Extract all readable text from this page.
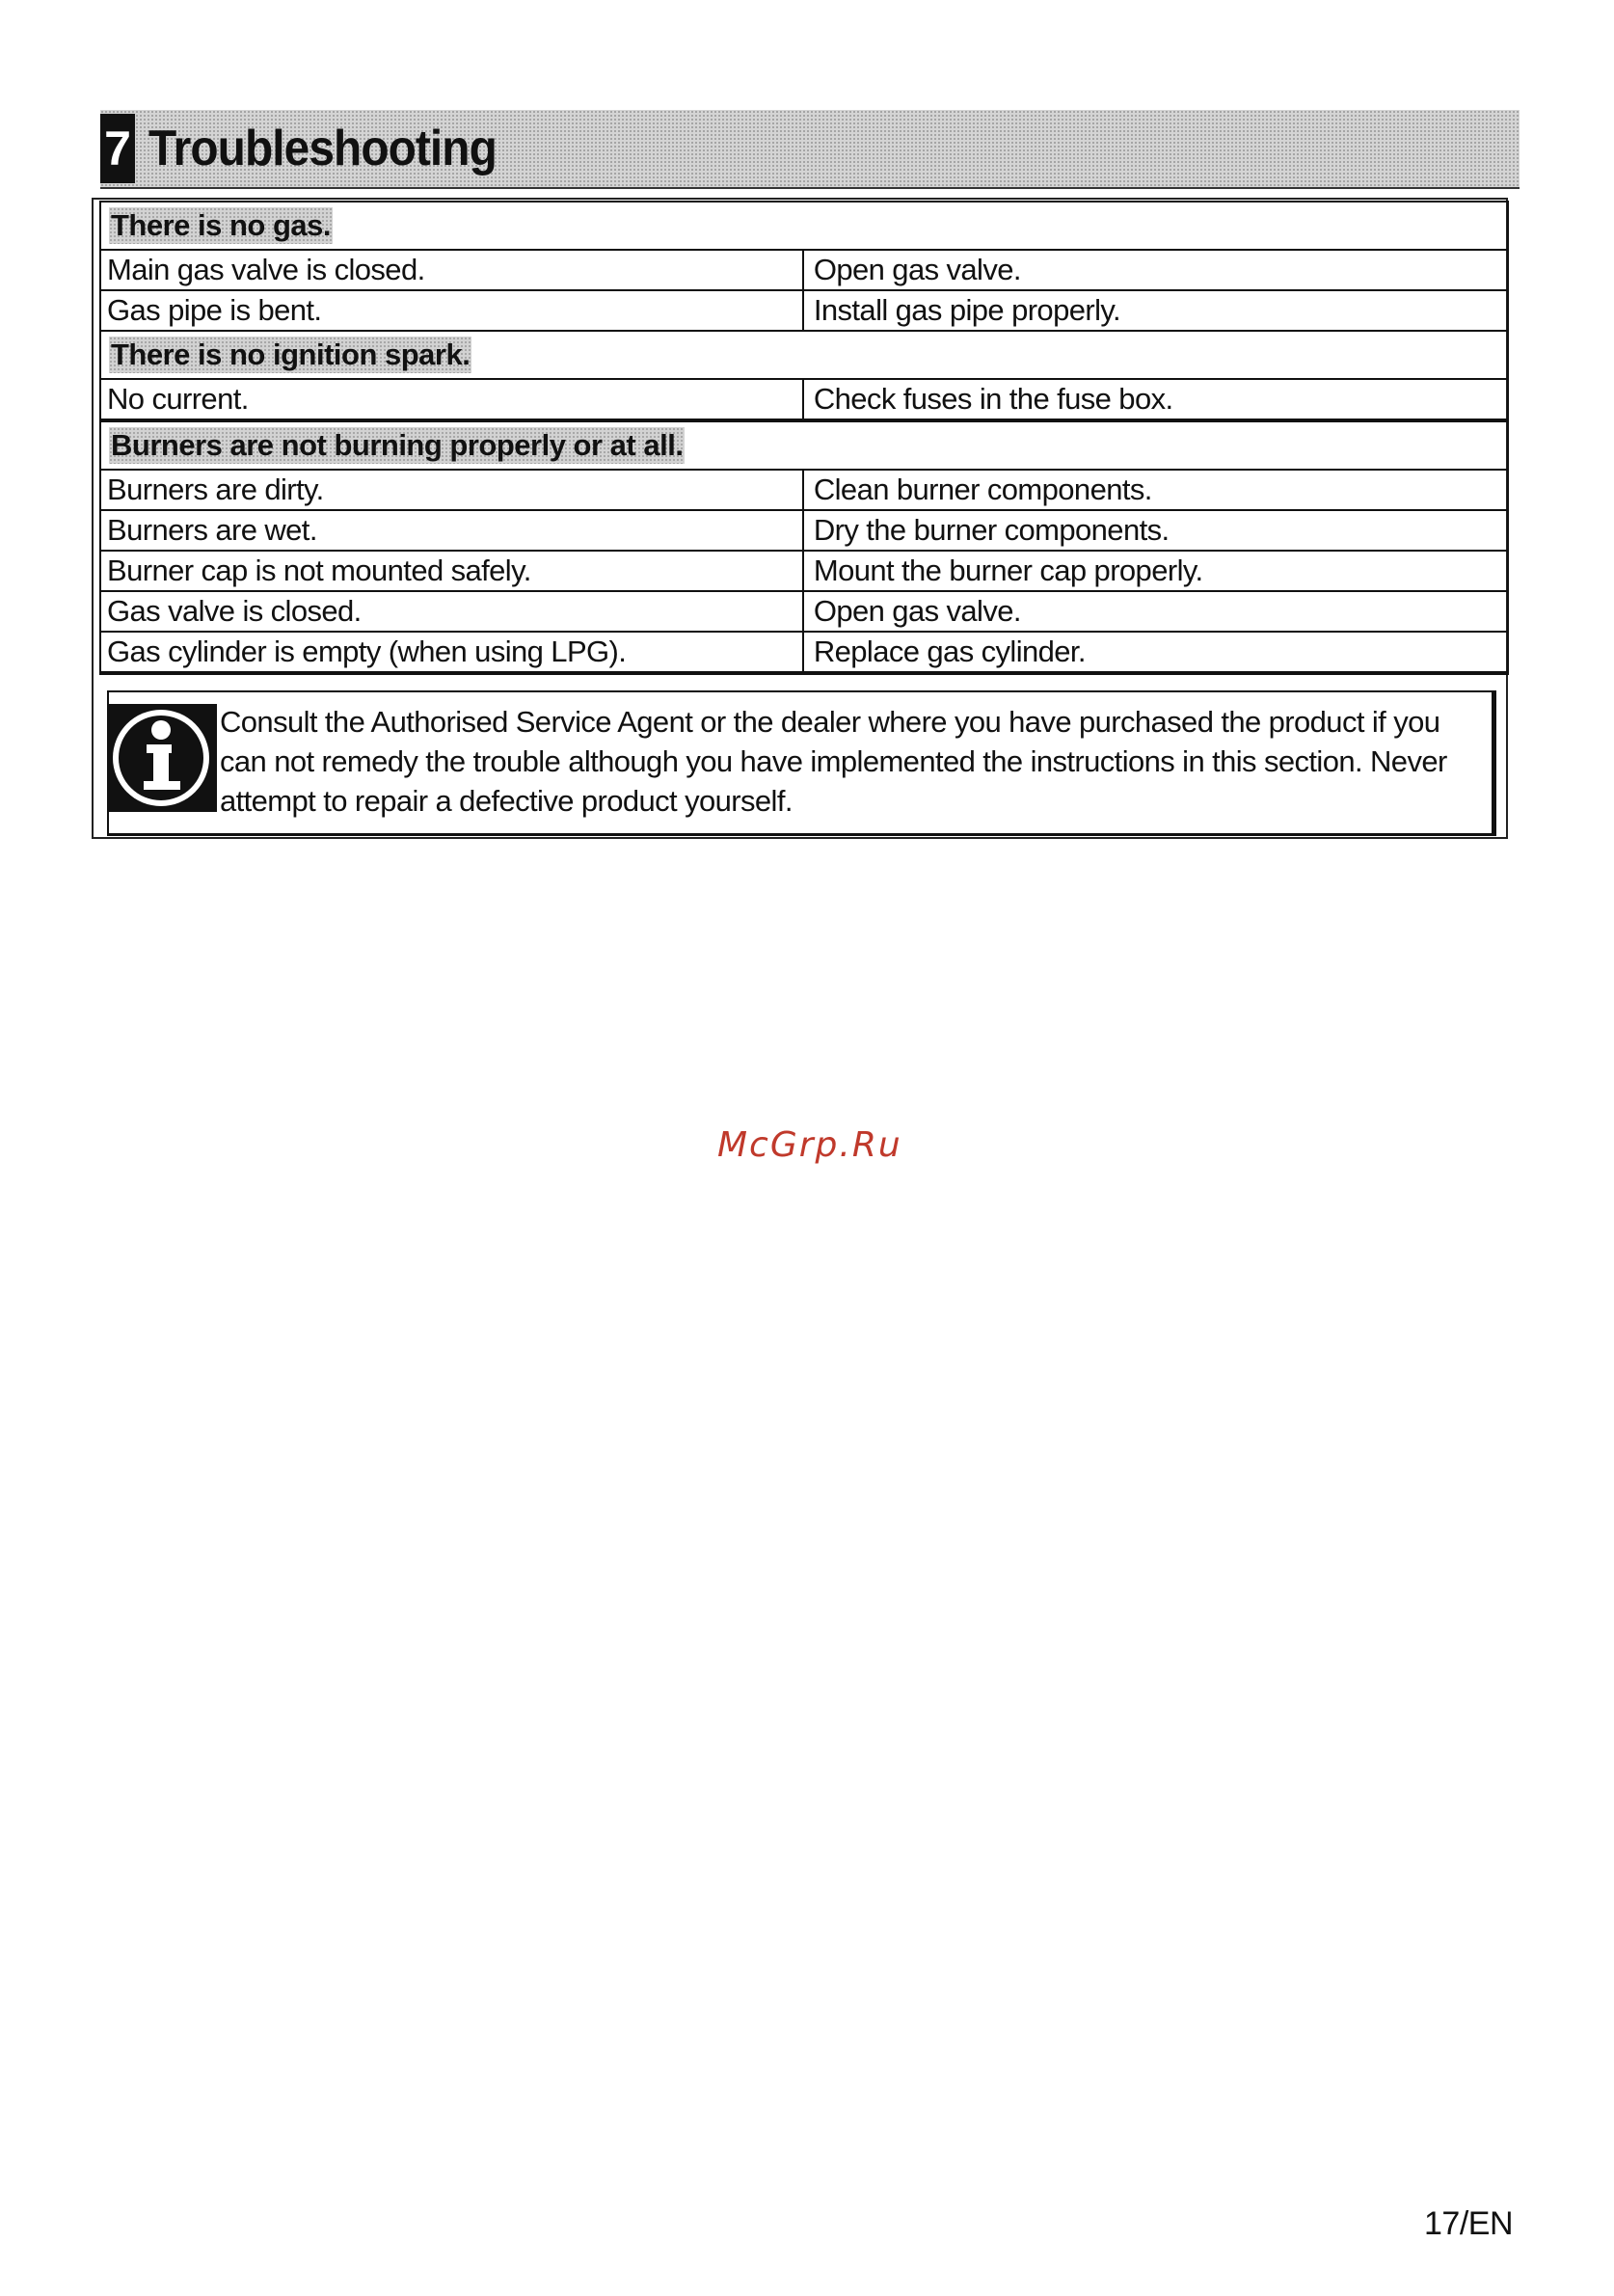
7 Troubleshooting
There is no gas.	
Main gas valve is closed.	Open gas valve.
Gas pipe is bent.	Install gas pipe properly.
There is no ignition spark.	
No current.	Check fuses in the fuse box.
Burners are not burning properly or at all.	
Burners are dirty.	Clean burner components.
Burners are wet.	Dry the burner components.
Burner cap is not mounted safely.	Mount the burner cap properly.
Gas valve is closed.	Open gas valve.
Gas cylinder is empty (when using LPG).	Replace gas cylinder.
Consult the Authorised Service Agent or the dealer where you have purchased the product if you can not remedy the trouble although you have implemented the instructions in this section. Never attempt to repair a defective product yourself.
McGrp.Ru
17/EN
